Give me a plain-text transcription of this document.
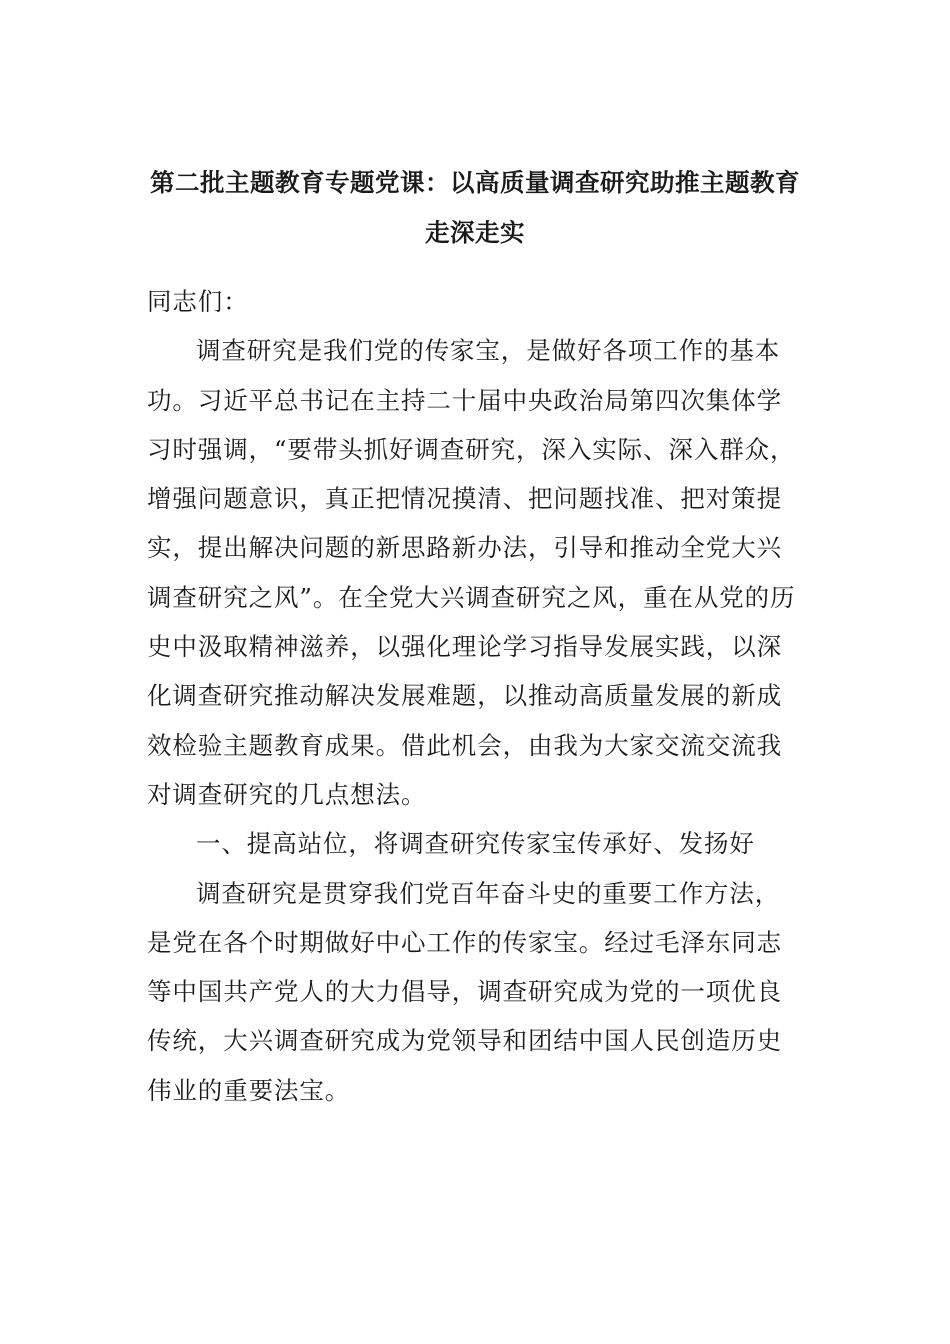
第二批主题教育专题党课：以高质量调查研究助推主题教育走深走实

同志们：

调查研究是我们党的传家宝，是做好各项工作的基本功。习近平总书记在主持二十届中央政治局第四次集体学习时强调，“要带头抓好调查研究，深入实际、深入群众，增强问题意识，真正把情况摸清、把问题找准、把对策提实，提出解决问题的新思路新办法，引导和推动全党大兴调查研究之风”。在全党大兴调查研究之风，重在从党的历史中汲取精神滋养，以强化理论学习指导发展实践，以深化调查研究推动解决发展难题，以推动高质量发展的新成效检验主题教育成果。借此机会，由我为大家交流交流我对调查研究的几点想法。

一、提高站位，将调查研究传家宝传承好、发扬好

调查研究是贯穿我们党百年奋斗史的重要工作方法，是党在各个时期做好中心工作的传家宝。经过毛泽东同志等中国共产党人的大力倡导，调查研究成为党的一项优良传统，大兴调查研究成为党领导和团结中国人民创造历史伟业的重要法宝。
